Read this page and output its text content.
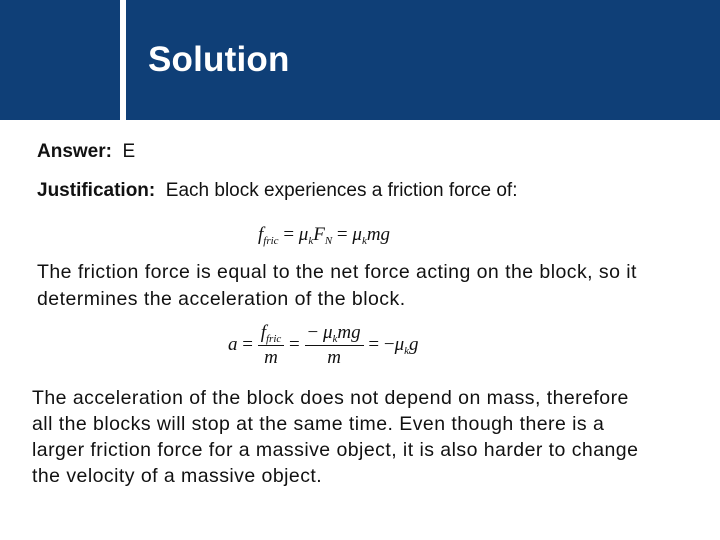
Solution
Answer: E
Justification: Each block experiences a friction force of:
$f_{fric} = \mu_kF_N = \mu_kmg$
The friction force is equal to the net force acting on the block, so it
determines the acceleration of the block.
$a = \frac{f_{fric}}{m} = \frac{- \mu_kmg}{m} = -\mu_kg$
The acceleration of the block does not depend on mass, therefore
all the blocks will stop at the same time. Even though there is a
larger friction force for a massive object, it is also harder to change
the velocity of a massive object.
